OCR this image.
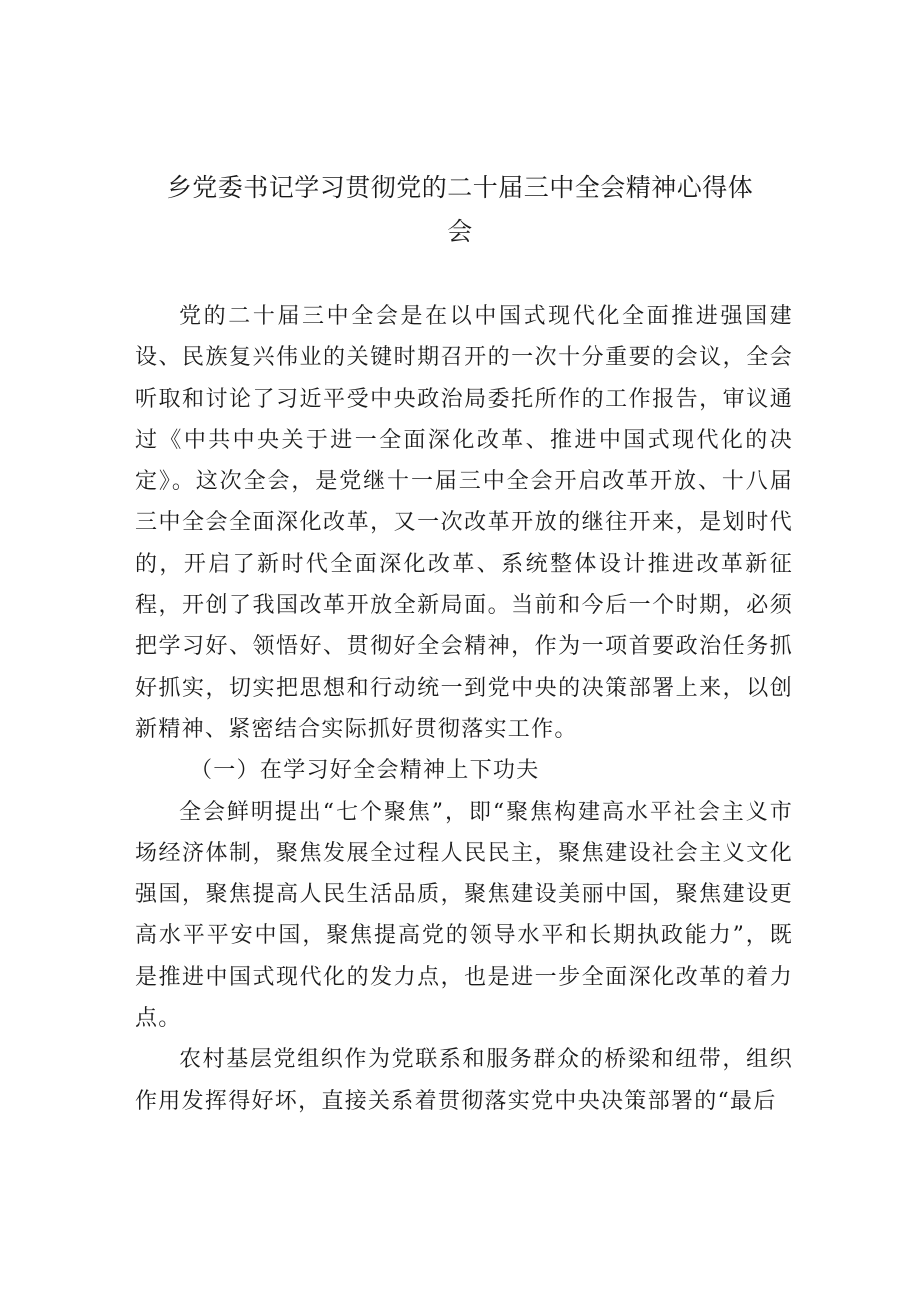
乡党委书记学习贯彻党的二十届三中全会精神心得体
会

党的二十届三中全会是在以中国式现代化全面推进强国建设、民族复兴伟业的关键时期召开的一次十分重要的会议，全会听取和讨论了习近平受中央政治局委托所作的工作报告，审议通过《中共中央关于进一全面深化改革、推进中国式现代化的决定》。这次全会，是党继十一届三中全会开启改革开放、十八届三中全会全面深化改革，又一次改革开放的继往开来，是划时代的，开启了新时代全面深化改革、系统整体设计推进改革新征程，开创了我国改革开放全新局面。当前和今后一个时期，必须把学习好、领悟好、贯彻好全会精神，作为一项首要政治任务抓好抓实，切实把思想和行动统一到党中央的决策部署上来，以创新精神、紧密结合实际抓好贯彻落实工作。

（一）在学习好全会精神上下功夫

全会鲜明提出“七个聚焦”，即“聚焦构建高水平社会主义市场经济体制，聚焦发展全过程人民民主，聚焦建设社会主义文化强国，聚焦提高人民生活品质，聚焦建设美丽中国，聚焦建设更高水平平安中国，聚焦提高党的领导水平和长期执政能力”，既是推进中国式现代化的发力点，也是进一步全面深化改革的着力点。

农村基层党组织作为党联系和服务群众的桥梁和纽带，组织作用发挥得好坏，直接关系着贯彻落实党中央决策部署的“最后
